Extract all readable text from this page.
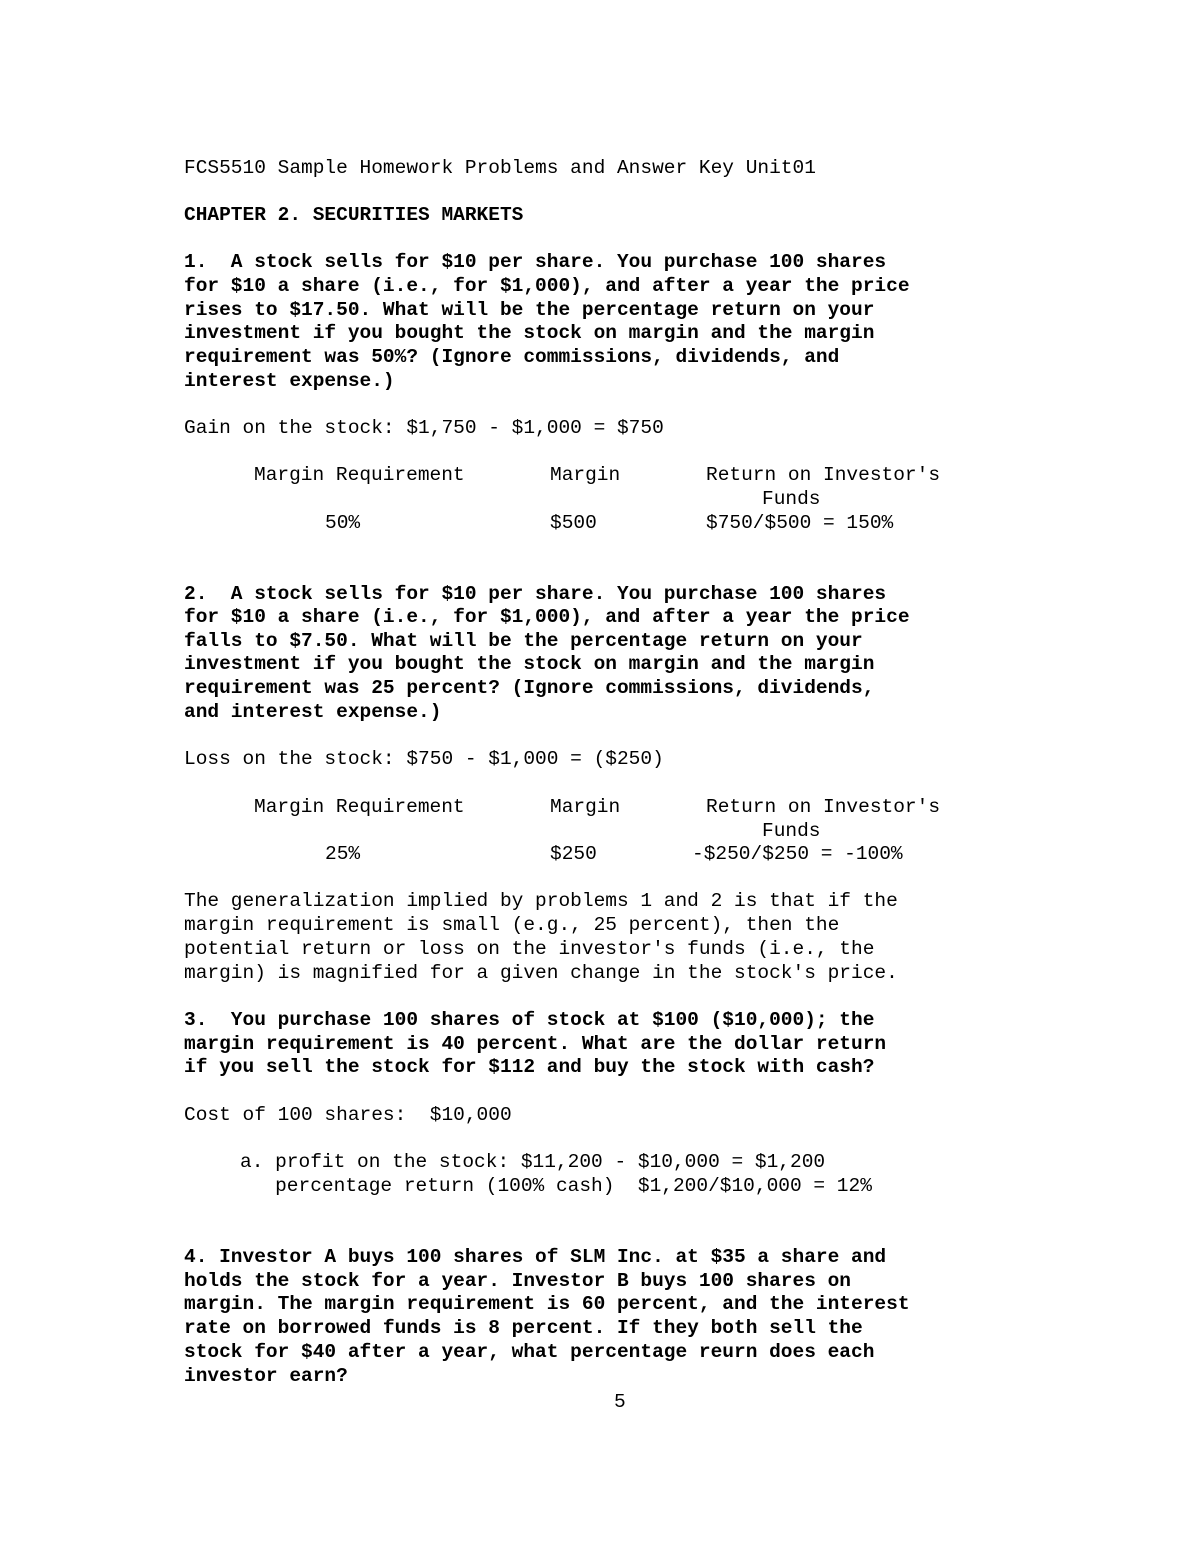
FCS5510 Sample Homework Problems and Answer Key Unit01
CHAPTER 2. SECURITIES MARKETS
1.  A stock sells for $10 per share. You purchase 100 shares
for $10 a share (i.e., for $1,000), and after a year the price
rises to $17.50. What will be the percentage return on your
investment if you bought the stock on margin and the margin
requirement was 50%? (Ignore commissions, dividends, and
interest expense.)
Gain on the stock: $1,750 - $1,000 = $750
Margin Requirement	Margin	Return on Investor's
Funds
50%	$500	$750/$500 = 150%
2.  A stock sells for $10 per share. You purchase 100 shares
for $10 a share (i.e., for $1,000), and after a year the price
falls to $7.50. What will be the percentage return on your
investment if you bought the stock on margin and the margin
requirement was 25 percent? (Ignore commissions, dividends,
and interest expense.)
Loss on the stock: $750 - $1,000 = ($250)
Margin Requirement	Margin	Return on Investor's
Funds
25%	$250	-$250/$250 = -100%
The generalization implied by problems 1 and 2 is that if the
margin requirement is small (e.g., 25 percent), then the
potential return or loss on the investor's funds (i.e., the
margin) is magnified for a given change in the stock's price.
3.  You purchase 100 shares of stock at $100 ($10,000); the
margin requirement is 40 percent. What are the dollar return
if you sell the stock for $112 and buy the stock with cash?
Cost of 100 shares:  $10,000
a. profit on the stock: $11,200 - $10,000 = $1,200
percentage return (100% cash)  $1,200/$10,000 = 12%
4. Investor A buys 100 shares of SLM Inc. at $35 a share and
holds the stock for a year. Investor B buys 100 shares on
margin. The margin requirement is 60 percent, and the interest
rate on borrowed funds is 8 percent. If they both sell the
stock for $40 after a year, what percentage reurn does each
investor earn?
5
